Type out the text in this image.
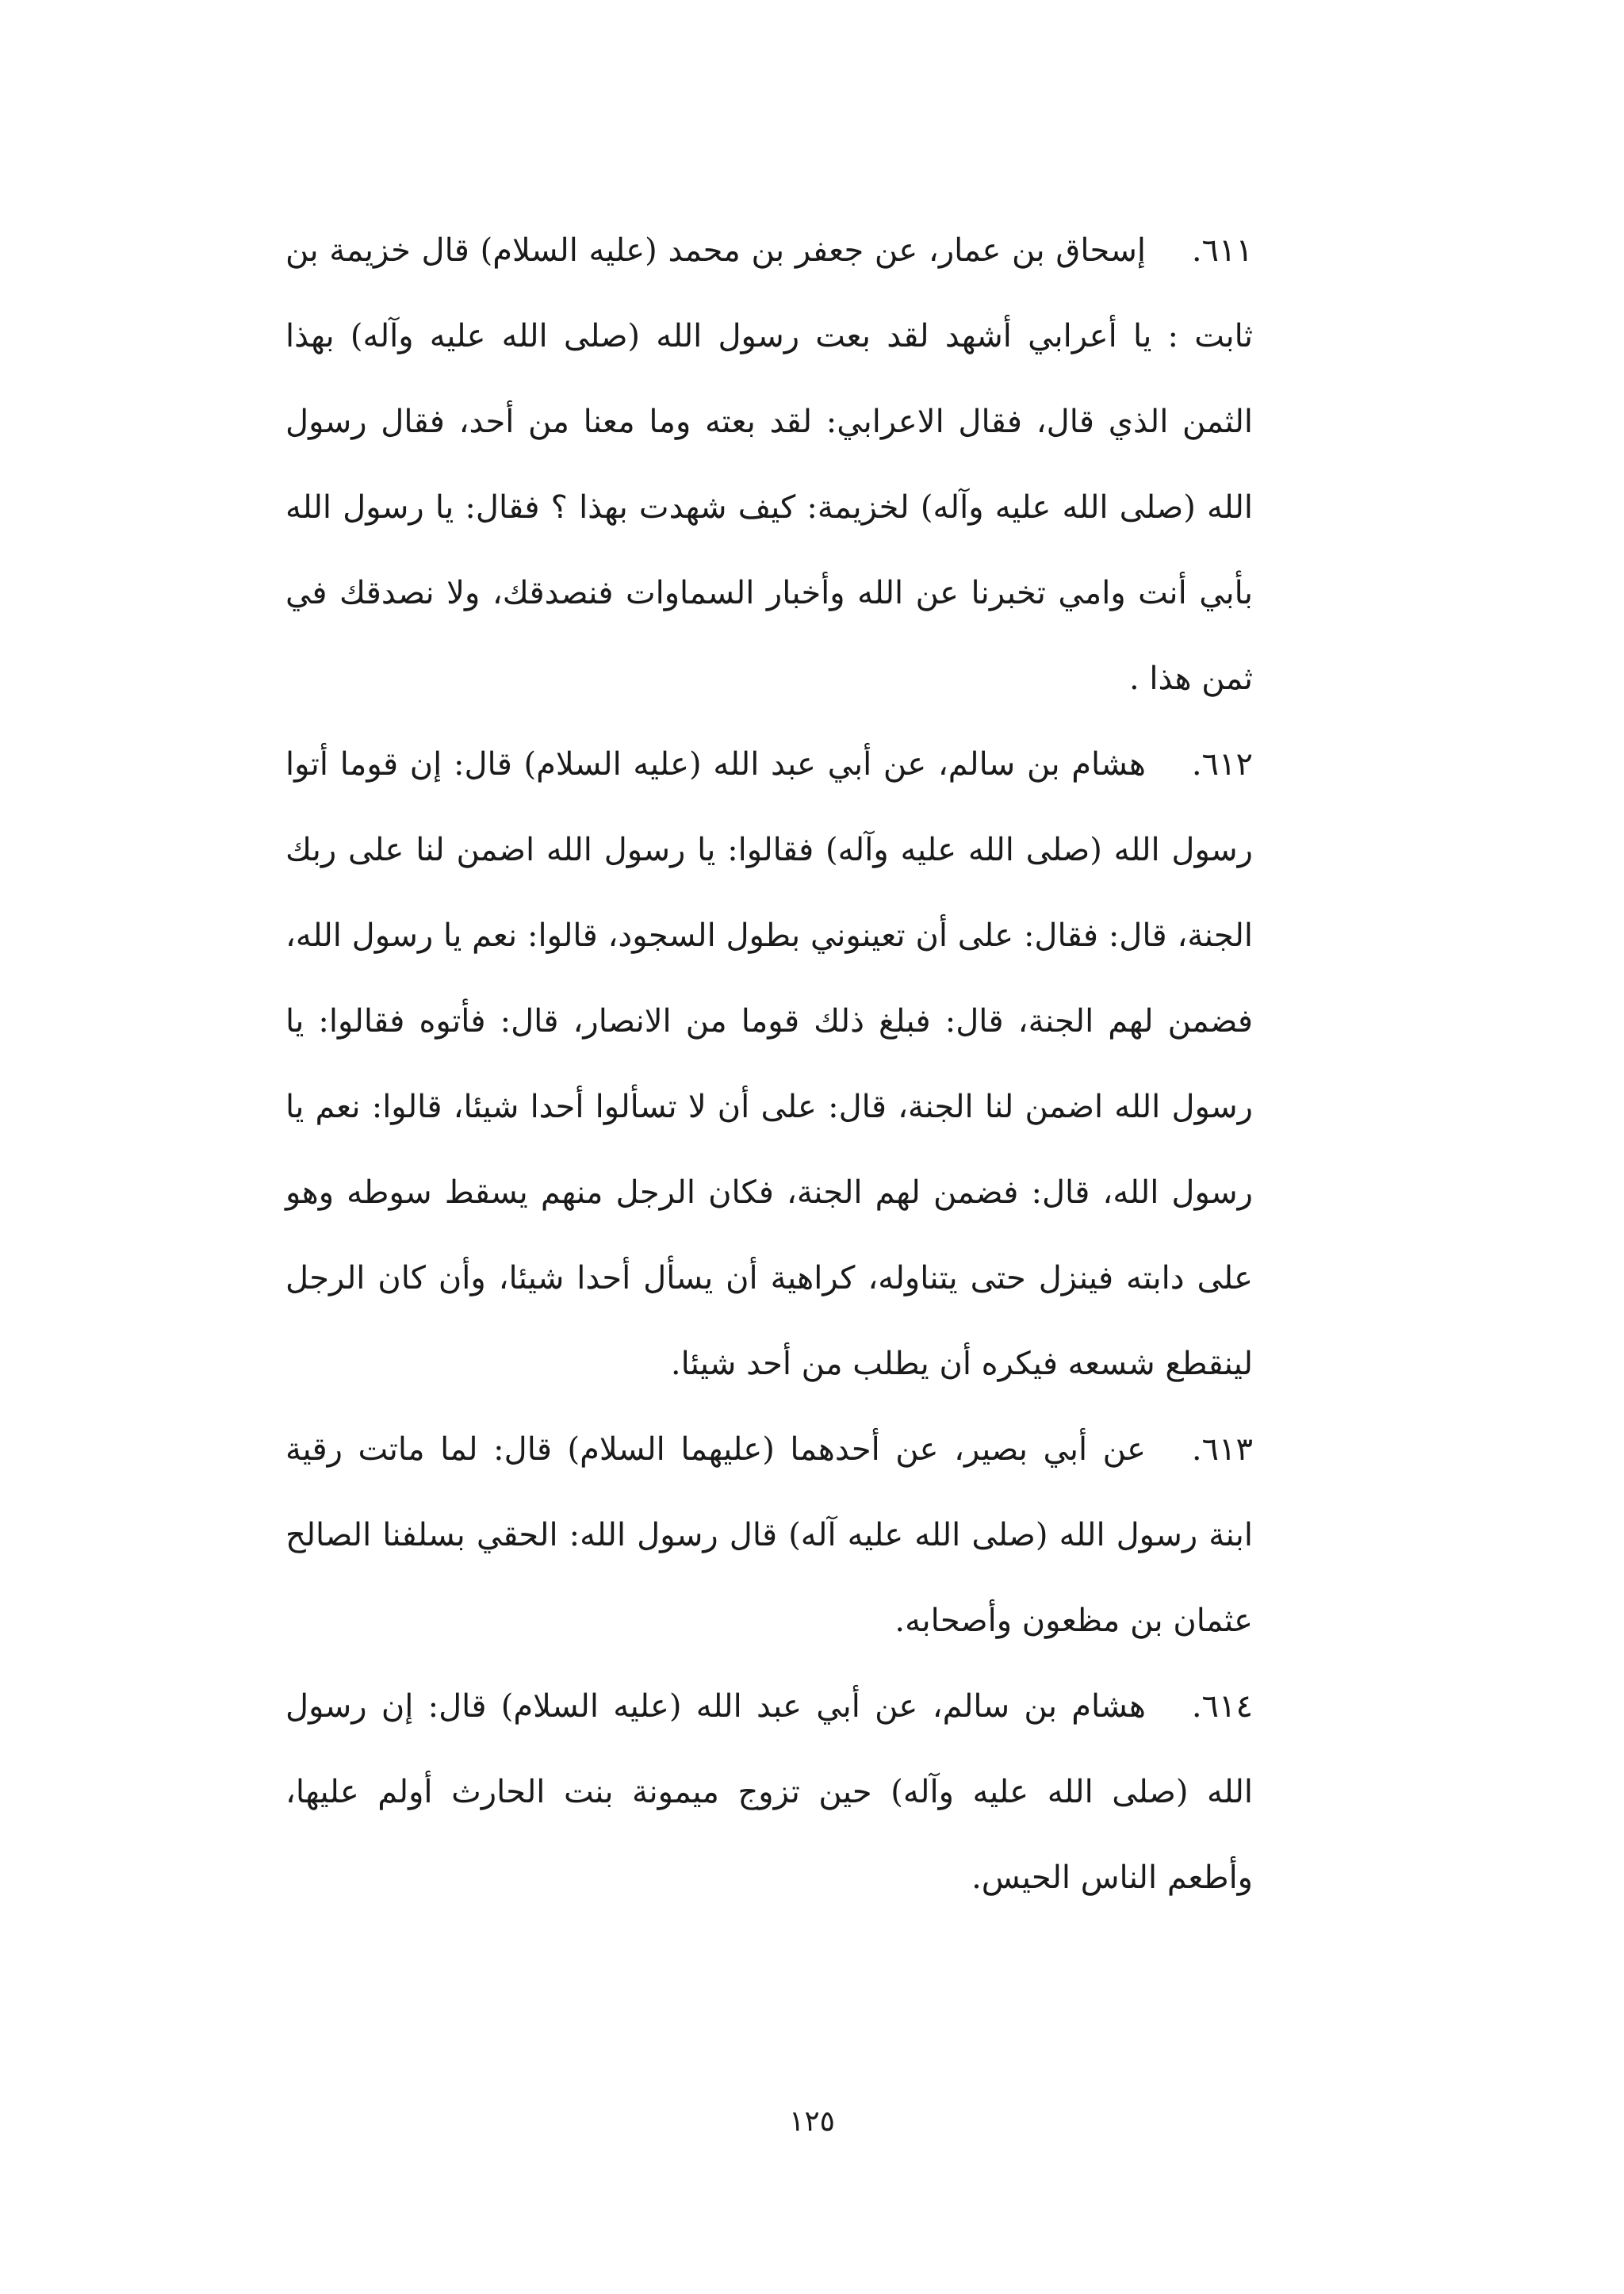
٦١١.إسحاق بن عمار، عن جعفر بن محمد (عليه السلام) قال خزيمة بن ثابت : يا أعرابي أشهد لقد بعت رسول الله (صلى الله عليه وآله) بهذا الثمن الذي قال، فقال الاعرابي: لقد بعته وما معنا من أحد، فقال رسول الله (صلى الله عليه وآله) لخزيمة: كيف شهدت بهذا ؟ فقال: يا رسول الله بأبي أنت وامي تخبرنا عن الله وأخبار السماوات فنصدقك، ولا نصدقك في ثمن هذا .

٦١٢.هشام بن سالم، عن أبي عبد الله (عليه السلام) قال: إن قوما أتوا رسول الله (صلى الله عليه وآله) فقالوا: يا رسول الله اضمن لنا على ربك الجنة، قال: فقال: على أن تعينوني بطول السجود، قالوا: نعم يا رسول الله، فضمن لهم الجنة، قال: فبلغ ذلك قوما من الانصار، قال: فأتوه فقالوا: يا رسول الله اضمن لنا الجنة، قال: على أن لا تسألوا أحدا شيئا، قالوا: نعم يا رسول الله، قال: فضمن لهم الجنة، فكان الرجل منهم يسقط سوطه وهو على دابته فينزل حتى يتناوله، كراهية أن يسأل أحدا شيئا، وأن كان الرجل لينقطع شسعه فيكره أن يطلب من أحد شيئا.

٦١٣.عن أبي بصير، عن أحدهما (عليهما السلام) قال: لما ماتت رقية ابنة رسول الله (صلى الله عليه آله) قال رسول الله: الحقي بسلفنا الصالح عثمان بن مظعون وأصحابه.

٦١٤.هشام بن سالم، عن أبي عبد الله (عليه السلام) قال: إن رسول الله (صلى الله عليه وآله) حين تزوج ميمونة بنت الحارث أولم عليها، وأطعم الناس الحيس.

١٢٥
